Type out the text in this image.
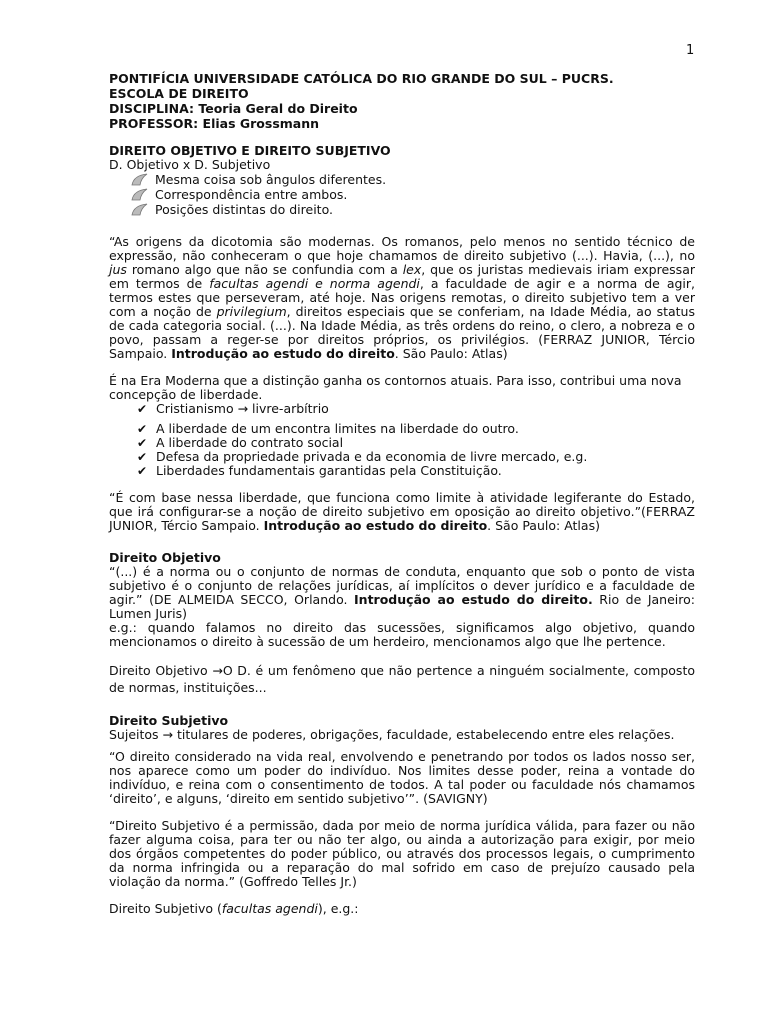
1
PONTIFÍCIA UNIVERSIDADE CATÓLICA DO RIO GRANDE DO SUL – PUCRS.
ESCOLA DE DIREITO
DISCIPLINA: Teoria Geral do Direito
PROFESSOR: Elias Grossmann
DIREITO OBJETIVO E DIREITO SUBJETIVO
D. Objetivo x D. Subjetivo
Mesma coisa sob ângulos diferentes.
Correspondência entre ambos.
Posições distintas do direito.

“As origens da dicotomia são modernas. Os romanos, pelo menos no sentido técnico de expressão, não conheceram o que hoje chamamos de direito subjetivo (...). Havia, (...), no jus romano algo que não se confundia com a lex, que os juristas medievais iriam expressar em termos de facultas agendi e norma agendi, a faculdade de agir e a norma de agir, termos estes que perseveram, até hoje. Nas origens remotas, o direito subjetivo tem a ver com a noção de privilegium, direitos especiais que se conferiam, na Idade Média, ao status de cada categoria social. (...). Na Idade Média, as três ordens do reino, o clero, a nobreza e o povo, passam a reger-se por direitos próprios, os privilégios. (FERRAZ JUNIOR, Tércio Sampaio. Introdução ao estudo do direito. São Paulo: Atlas)

É na Era Moderna que a distinção ganha os contornos atuais. Para isso, contribui uma nova concepção de liberdade.

✔ Cristianismo → livre-arbítrio
✔ A liberdade de um encontra limites na liberdade do outro.
✔ A liberdade do contrato social
✔ Defesa da propriedade privada e da economia de livre mercado, e.g.
✔ Liberdades fundamentais garantidas pela Constituição.

“É com base nessa liberdade, que funciona como limite à atividade legiferante do Estado, que irá configurar-se a noção de direito subjetivo em oposição ao direito objetivo.”(FERRAZ JUNIOR, Tércio Sampaio. Introdução ao estudo do direito. São Paulo: Atlas)

Direito Objetivo

“(...) é a norma ou o conjunto de normas de conduta, enquanto que sob o ponto de vista subjetivo é o conjunto de relações jurídicas, aí implícitos o dever jurídico e a faculdade de agir.” (DE ALMEIDA SECCO, Orlando. Introdução ao estudo do direito. Rio de Janeiro: Lumen Juris)

e.g.: quando falamos no direito das sucessões, significamos algo objetivo, quando mencionamos o direito à sucessão de um herdeiro, mencionamos algo que lhe pertence.

Direito Objetivo →O D. é um fenômeno que não pertence a ninguém socialmente, composto de normas, instituições...

Direito Subjetivo

Sujeitos → titulares de poderes, obrigações, faculdade, estabelecendo entre eles relações.

“O direito considerado na vida real, envolvendo e penetrando por todos os lados nosso ser, nos aparece como um poder do indivíduo. Nos limites desse poder, reina a vontade do indivíduo, e reina com o consentimento de todos. A tal poder ou faculdade nós chamamos ‘direito’, e alguns, ‘direito em sentido subjetivo’”. (SAVIGNY)

“Direito Subjetivo é a permissão, dada por meio de norma jurídica válida, para fazer ou não fazer alguma coisa, para ter ou não ter algo, ou ainda a autorização para exigir, por meio dos órgãos competentes do poder público, ou através dos processos legais, o cumprimento da norma infringida ou a reparação do mal sofrido em caso de prejuízo causado pela violação da norma.” (Goffredo Telles Jr.)

Direito Subjetivo (facultas agendi), e.g.:
